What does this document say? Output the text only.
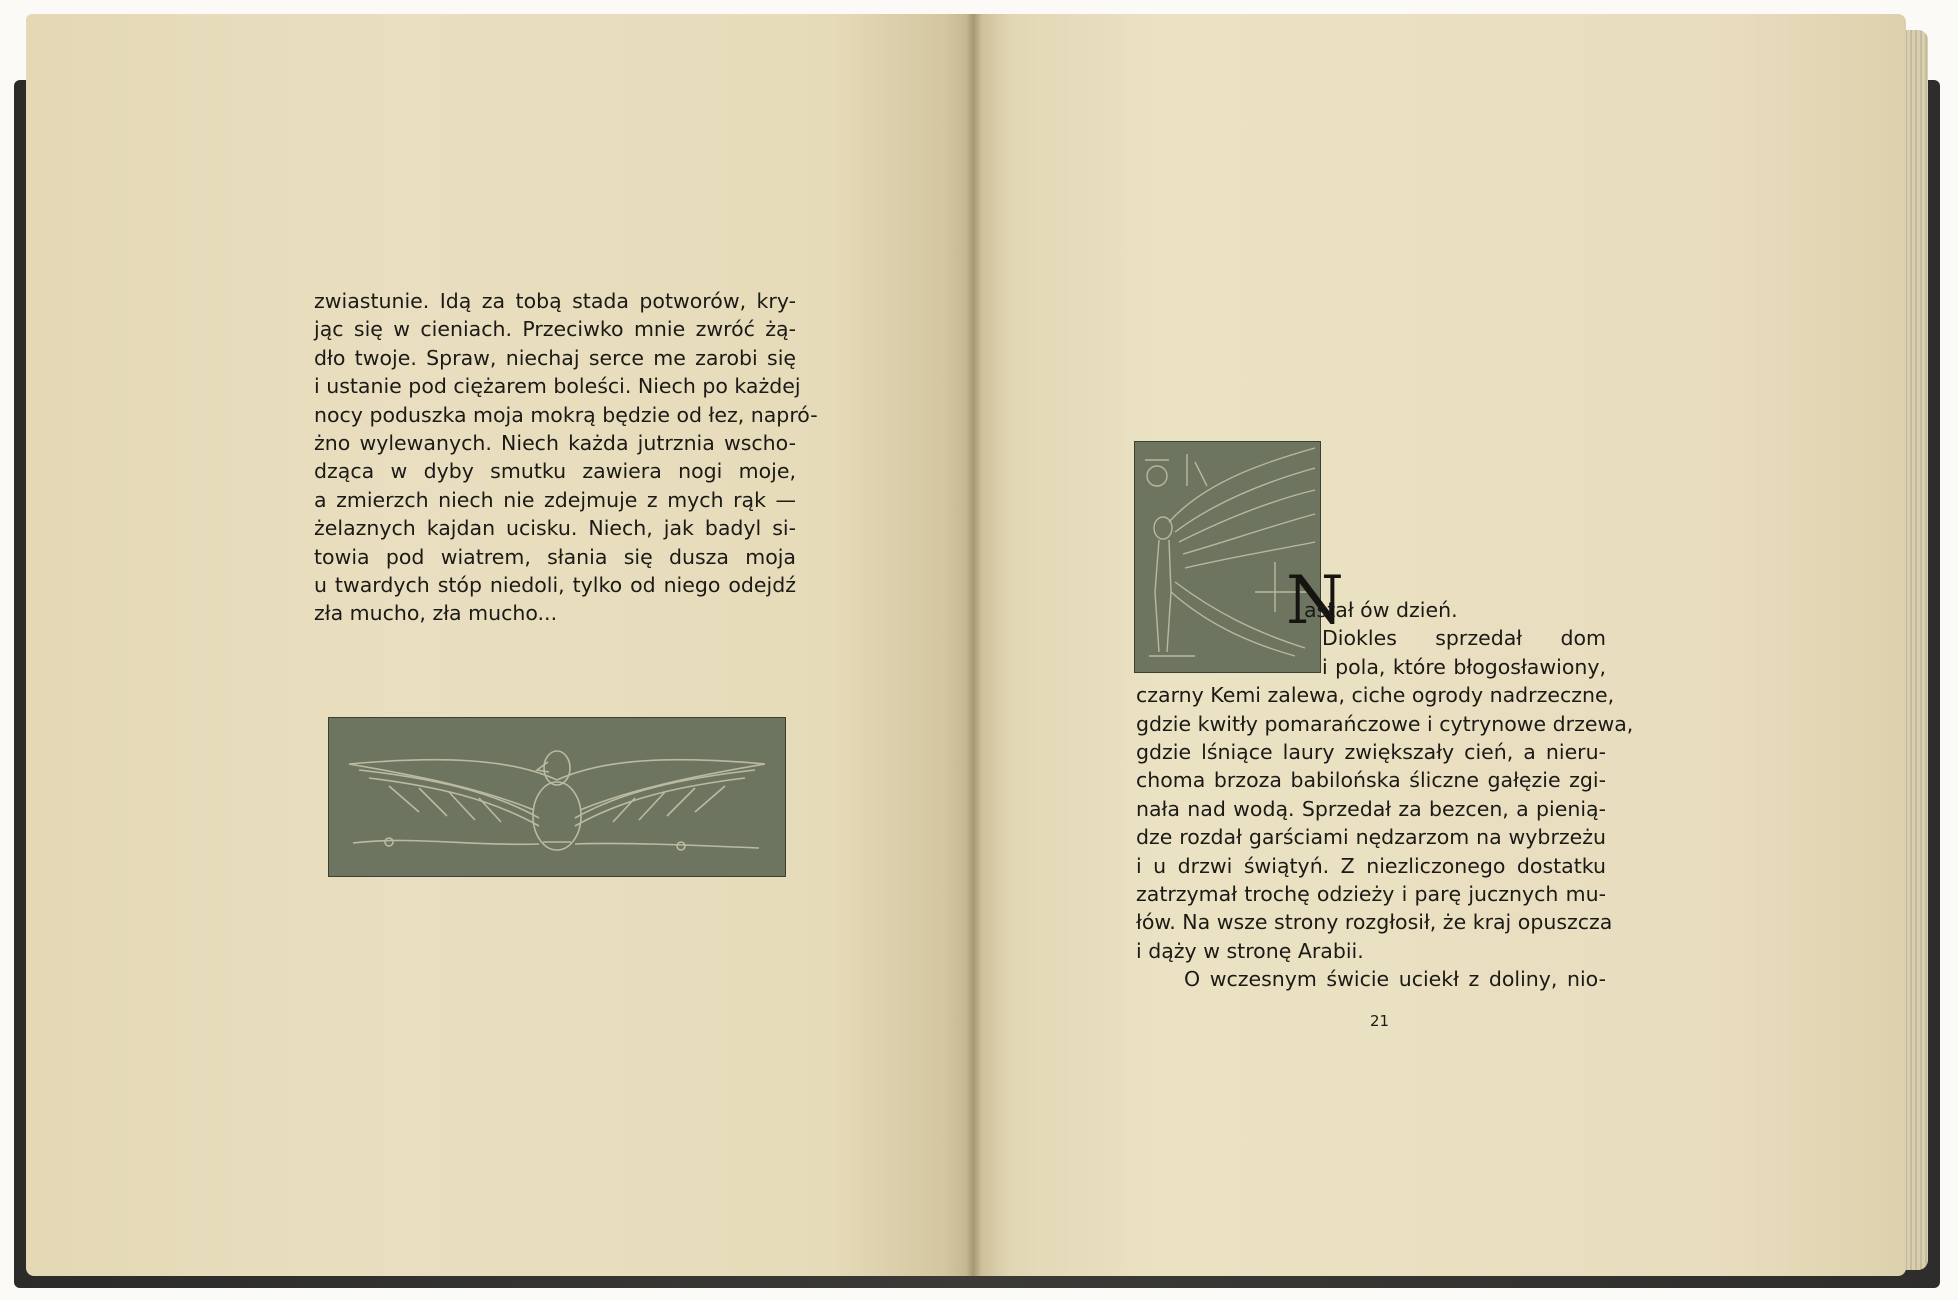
zwiastunie. Idą za tobą stada potworów, kry-
jąc się w cieniach. Przeciwko mnie zwróć żą-
dło twoje. Spraw, niechaj serce me zarobi się
i ustanie pod ciężarem boleści. Niech po każdej
nocy poduszka moja mokrą będzie od łez, napró-
żno wylewanych. Niech każda jutrznia wscho-
dząca w dyby smutku zawiera nogi moje,
a zmierzch niech nie zdejmuje z mych rąk —
żelaznych kajdan ucisku. Niech, jak badyl si-
towia pod wiatrem, słania się dusza moja
u twardych stóp niedoli, tylko od niego odejdź
zła mucho, zła mucho...	N
astał ów dzień.
Diokles sprzedał dom
i pola, które błogosławiony,
czarny Kemi zalewa, ciche ogrody nadrzeczne,
gdzie kwitły pomarańczowe i cytrynowe drzewa,
gdzie lśniące laury zwiększały cień, a nieru-
choma brzoza babilońska śliczne gałęzie zgi-
nała nad wodą. Sprzedał za bezcen, a pienią-
dze rozdał garściami nędzarzom na wybrzeżu
i u drzwi świątyń. Z niezliczonego dostatku
zatrzymał trochę odzieży i parę jucznych mu-
łów. Na wsze strony rozgłosił, że kraj opuszcza
i dąży w stronę Arabii.
O wczesnym świcie uciekł z doliny, nio-
21
